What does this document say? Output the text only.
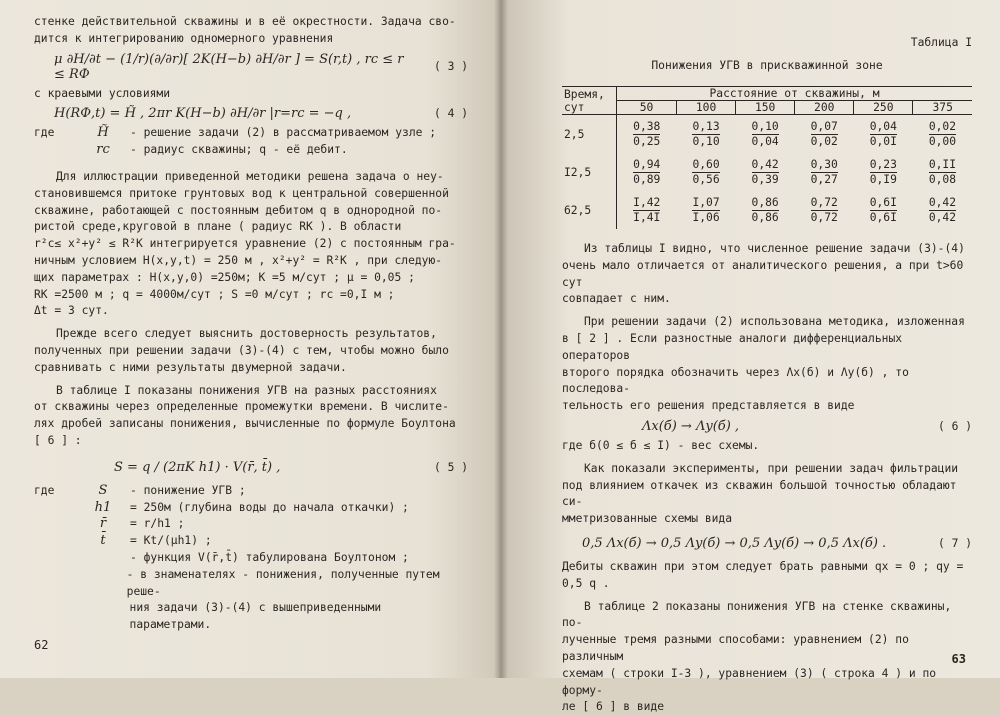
стенке действительной скважины и в её окрестности. Задача сво-

дится к интегрированию одномерного уравнения

μ ∂H/∂t − (1/r)(∂/∂r)[ 2K(H−b) ∂H/∂r ] = S(r,t) , rc ≤ r ≤ RФ	( 3 )

с краевыми условиями

H(RФ,t) = H̃ , 2πr K(H−b) ∂H/∂r |r=rc = −q ,	( 4 )
где	H̃	- решение задачи (2) в рассматриваемом узле ;
rc	- радиус скважины; q - её дебит.

Для иллюстрации приведенной методики решена задача о неу-

становившемся притоке грунтовых вод к центральной совершенной

скважине, работающей с постоянным дебитом q в однородной по-

ристой среде,круговой в плане ( радиус RK ). В области

r²c≤ x²+y² ≤ R²K интегрируется уравнение (2) с постоянным гра-

ничным условием H(x,y,t) = 250 м , x²+y² = R²K , при следую-

щих параметрах : H(x,y,0) =250м; K =5 м/сут ; μ = 0,05 ;

RK =2500 м ; q = 4000м/сут ; S =0 м/сут ; rc =0,I м ;

Δt = 3 сут.

Прежде всего следует выяснить достоверность результатов,

полученных при решении задачи (3)-(4) с тем, чтобы можно было

сравнивать с ними результаты двумерной задачи.

В таблице I показаны понижения УГВ на разных расстояниях

от скважины через определенные промежутки времени. В числите-

лях дробей записаны понижения, вычисленные по формуле Боултона

[ 6 ] :

S = q / (2πK h1) · V(r̄, t̄) ,	( 5 )
где	S	- понижение УГВ ;
h1	= 250м (глубина воды до начала откачки) ;
r̄	= r/h1 ;
t̄	= Kt/(μh1) ;
- функция V(r̄,t̄) табулирована Боултоном ;
- в знаменателях - понижения, полученные путем реше-
ния задачи (3)-(4) с вышеприведенными параметрами.
62
Таблица I
Понижения УГВ в прискважинной зоне
Время, сут	Расстояние от скважины, м					
	50	100	150	200	250	375
2,5	$\frac{0,38}{0,25}$	$\frac{0,13}{0,10}$	$\frac{0,10}{0,04}$	$\frac{0,07}{0,02}$	$\frac{0,04}{0,0I}$	$\frac{0,02}{0,00}$

I2,5	$\frac{0,94}{0,89}$	$\frac{0,60}{0,56}$	$\frac{0,42}{0,39}$	$\frac{0,30}{0,27}$	$\frac{0,23}{0,I9}$	$\frac{0,II}{0,08}$

62,5	$\frac{I,42}{I,4I}$	$\frac{I,07}{I,06}$	$\frac{0,86}{0,86}$	$\frac{0,72}{0,72}$	$\frac{0,6I}{0,6I}$	$\frac{0,42}{0,42}$

Из таблицы I видно, что численное решение задачи (3)-(4)

очень мало отличается от аналитического решения, а при t>60 сут

совпадает с ним.

При решении задачи (2) использована методика, изложенная

в [ 2 ] . Если разностные аналоги дифференциальных операторов

второго порядка обозначить через Λx(б) и Λy(б) , то последова-

тельность его решения представляется в виде

Λx(б) → Λy(б) ,	( 6 )

где б(0 ≤ б ≤ I) - вес схемы.

Как показали эксперименты, при решении задач фильтрации

под влиянием откачек из скважин большой точностью обладают си-

мметризованные схемы вида

0,5 Λx(б) → 0,5 Λy(б) → 0,5 Λy(б) → 0,5 Λx(б) .	( 7 )

Дебиты скважин при этом следует брать равными qx = 0 ; qy = 0,5 q .

В таблице 2 показаны понижения УГВ на стенке скважины, по-

лученные тремя разными способами: уравнением (2) по различным

схемам ( строки I-3 ), уравнением (3) ( строка 4 ) и по форму-

ле [ 6 ] в виде

63
